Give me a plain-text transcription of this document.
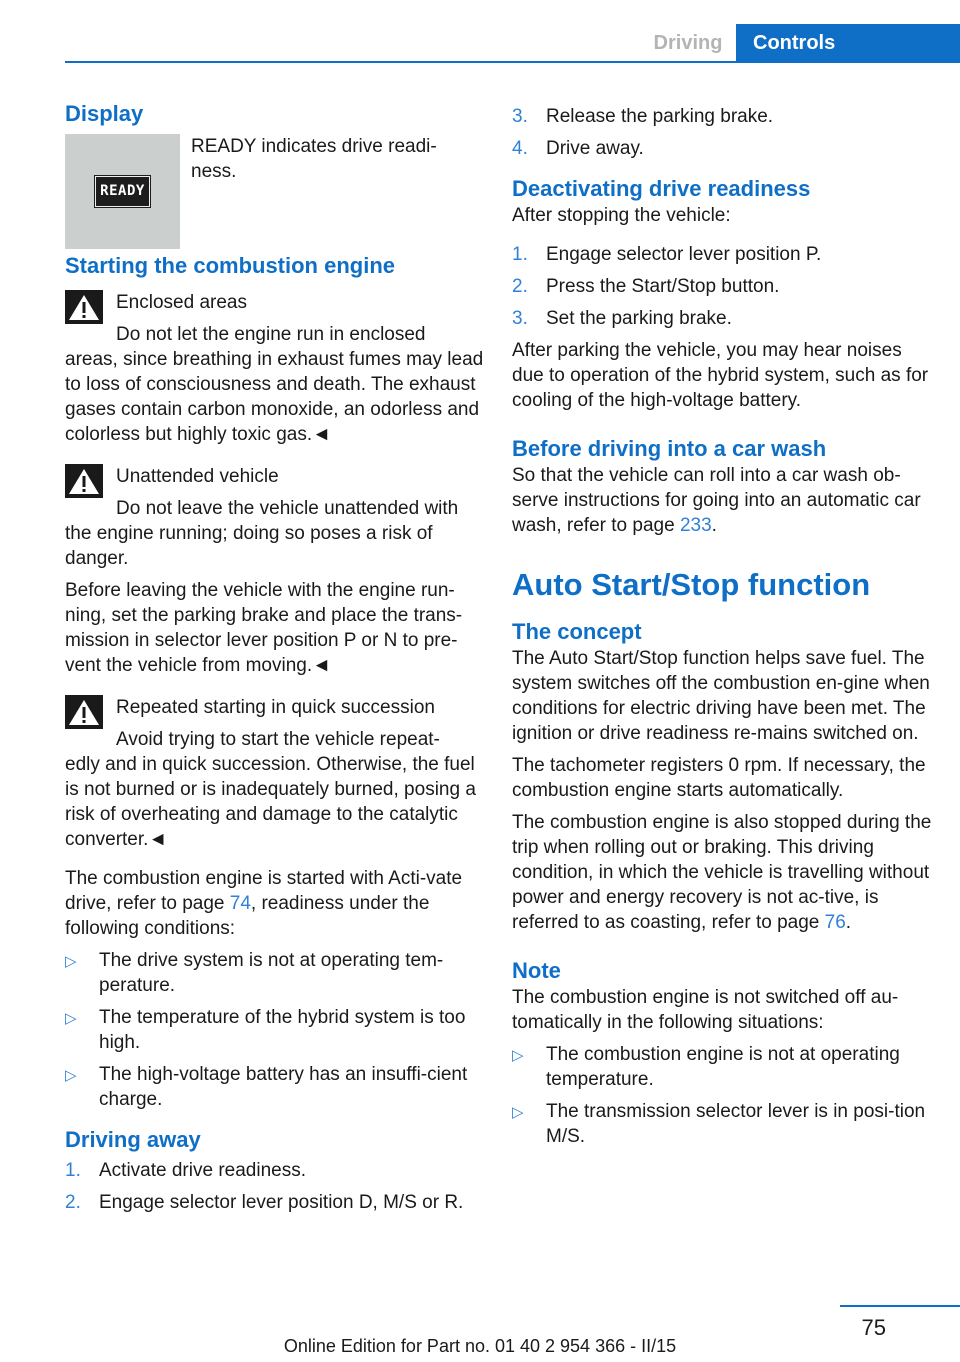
Driving	Controls
Display
READY
READY indicates drive readi-ness.
Starting the combustion engine
Enclosed areas
Do not let the engine run in enclosed
areas, since breathing in exhaust fumes may lead to loss of consciousness and death. The exhaust gases contain carbon monoxide, an odorless and colorless but highly toxic gas.◄
Unattended vehicle
Do not leave the vehicle unattended with
the engine running; doing so poses a risk of danger.
Before leaving the vehicle with the engine run-ning, set the parking brake and place the trans-mission in selector lever position P or N to pre-vent the vehicle from moving.◄
Repeated starting in quick succession
Avoid trying to start the vehicle repeat-
edly and in quick succession. Otherwise, the fuel is not burned or is inadequately burned, posing a risk of overheating and damage to the catalytic converter.◄
The combustion engine is started with Acti-vate drive, refer to page 74, readiness under the following conditions:
▷ The drive system is not at operating tem-perature.
▷ The temperature of the hybrid system is too high.
▷ The high-voltage battery has an insuffi-cient charge.
Driving away
1. Activate drive readiness.
2. Engage selector lever position D, M/S or R.
3. Release the parking brake.
4. Drive away.
Deactivating drive readiness
After stopping the vehicle:
1. Engage selector lever position P.
2. Press the Start/Stop button.
3. Set the parking brake.
After parking the vehicle, you may hear noises due to operation of the hybrid system, such as for cooling of the high-voltage battery.
Before driving into a car wash
So that the vehicle can roll into a car wash ob-serve instructions for going into an automatic car wash, refer to page 233.
Auto Start/Stop function
The concept
The Auto Start/Stop function helps save fuel. The system switches off the combustion en-gine when conditions for electric driving have been met. The ignition or drive readiness re-mains switched on.
The tachometer registers 0 rpm. If necessary, the combustion engine starts automatically.
The combustion engine is also stopped during the trip when rolling out or braking. This driving condition, in which the vehicle is travelling without power and energy recovery is not ac-tive, is referred to as coasting, refer to page 76.
Note
The combustion engine is not switched off au-tomatically in the following situations:
▷ The combustion engine is not at operating temperature.
▷ The transmission selector lever is in posi-tion M/S.
75
Online Edition for Part no. 01 40 2 954 366 - II/15
